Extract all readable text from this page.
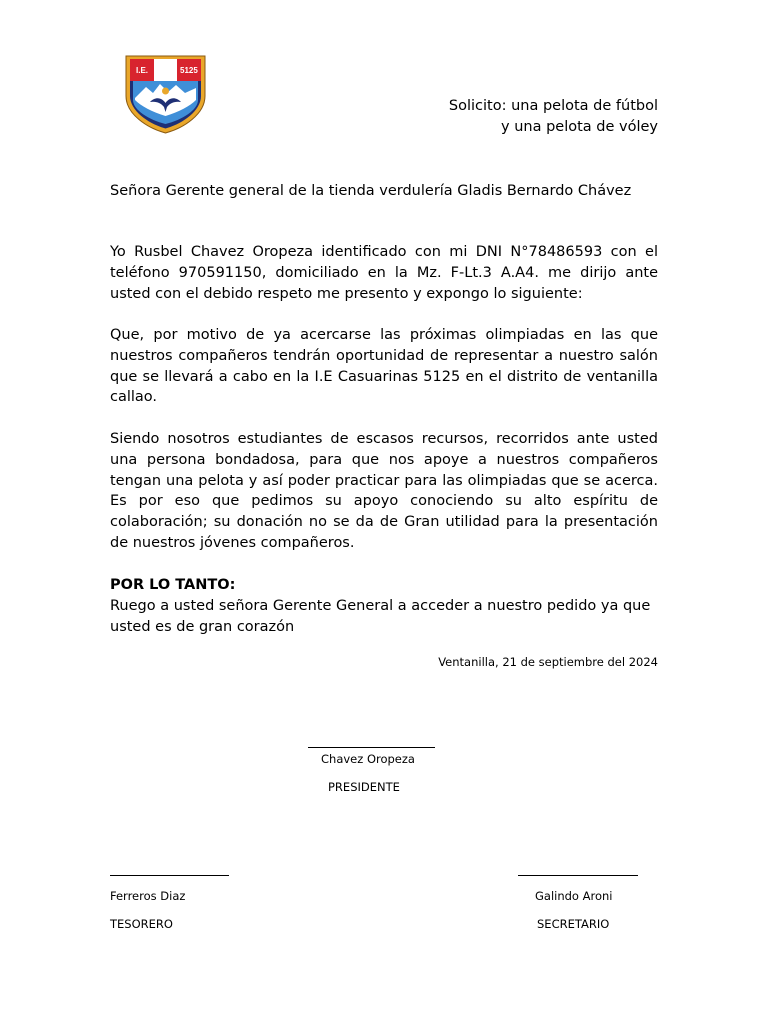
I.E.	5125
Solicito: una pelota de fútbol
y una pelota de vóley
Señora Gerente general de la tienda verdulería Gladis Bernardo Chávez

Yo Rusbel Chavez Oropeza identificado con mi DNI N°78486593 con el teléfono 970591150, domiciliado en la Mz. F-Lt.3 A.A4. me dirijo ante usted con el debido respeto me presento y expongo lo siguiente:

Que, por motivo de ya acercarse las próximas olimpiadas en las que nuestros compañeros tendrán oportunidad de representar a nuestro salón que se llevará a cabo en la I.E Casuarinas 5125 en el distrito de ventanilla callao.

Siendo nosotros estudiantes de escasos recursos, recorridos ante usted una persona bondadosa, para que nos apoye a nuestros compañeros tengan una pelota y así poder practicar para las olimpiadas que se acerca. Es por eso que pedimos su apoyo conociendo su alto espíritu de colaboración; su donación no se da de Gran utilidad para la presentación de nuestros jóvenes compañeros.

POR LO TANTO:

Ruego a usted señora Gerente General a acceder a nuestro pedido ya que usted es de gran corazón

Ventanilla, 21 de septiembre del 2024
Chavez Oropeza
PRESIDENTE
Ferreros Diaz
TESORERO
Galindo Aroni
SECRETARIO
